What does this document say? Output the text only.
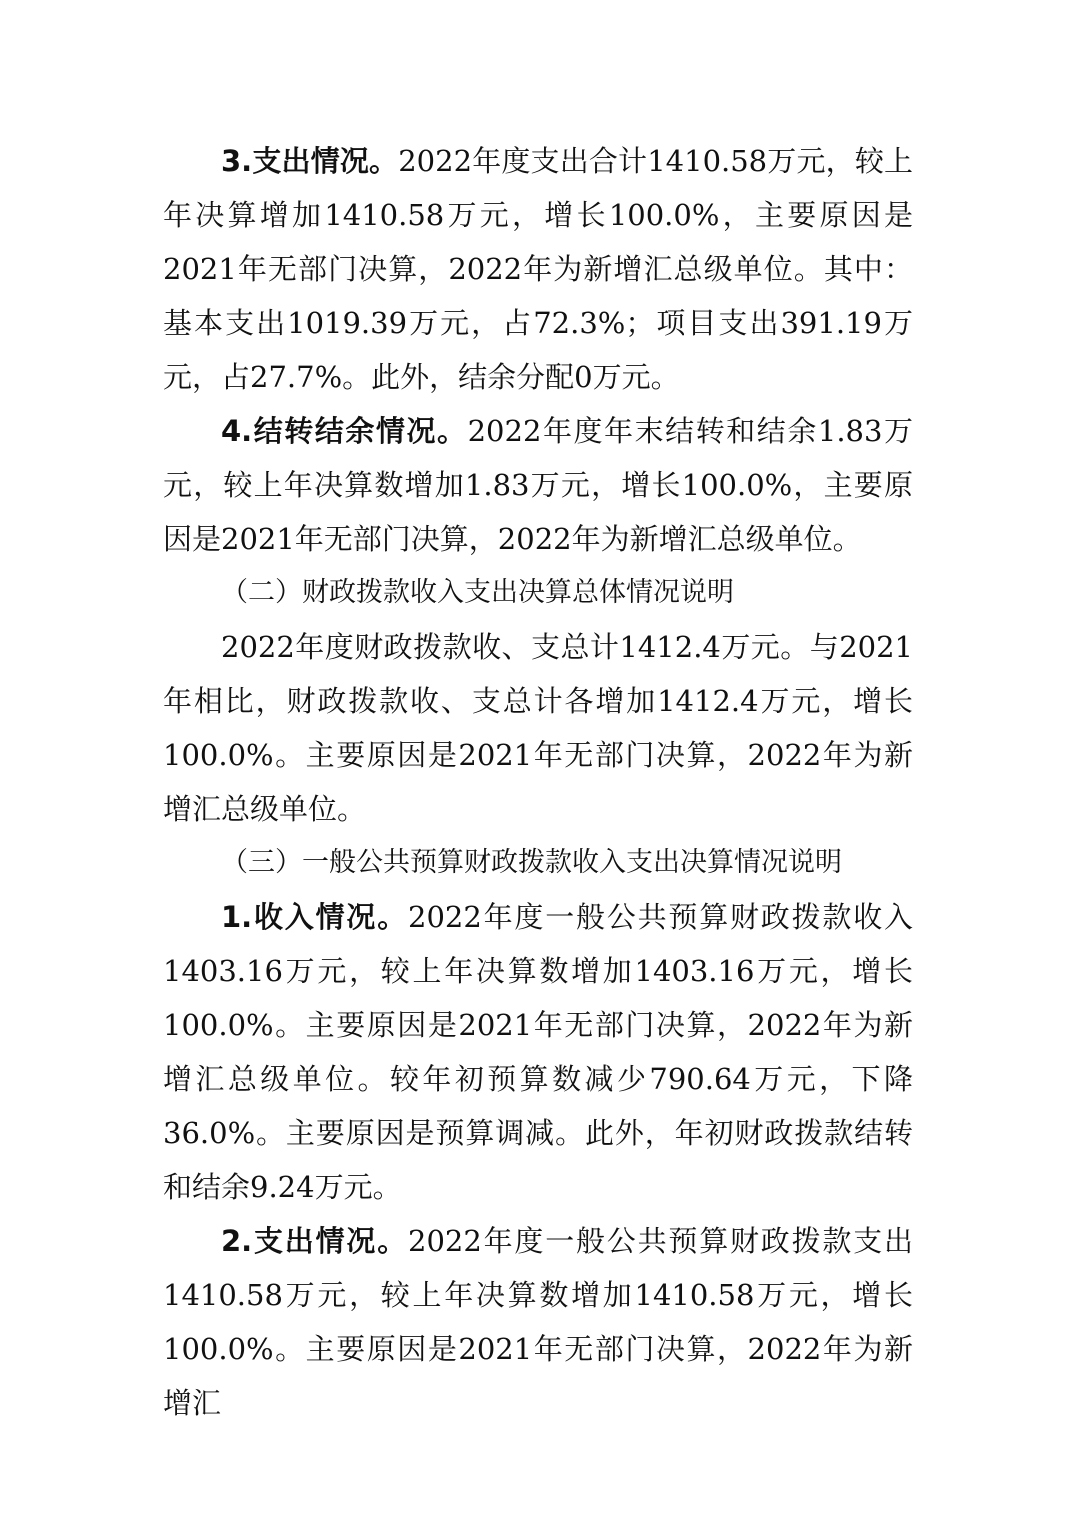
3.支出情况。2022年度支出合计1410.58万元，较上年决算增加1410.58万元，增长100.0%，主要原因是2021年无部门决算，2022年为新增汇总级单位。其中：基本支出1019.39万元，占72.3%；项目支出391.19万元，占27.7%。此外，结余分配0万元。

4.结转结余情况。2022年度年末结转和结余1.83万元，较上年决算数增加1.83万元，增长100.0%，主要原因是2021年无部门决算，2022年为新增汇总级单位。

（二）财政拨款收入支出决算总体情况说明

2022年度财政拨款收、支总计1412.4万元。与2021年相比，财政拨款收、支总计各增加1412.4万元，增长100.0%。主要原因是2021年无部门决算，2022年为新增汇总级单位。

（三）一般公共预算财政拨款收入支出决算情况说明

1.收入情况。2022年度一般公共预算财政拨款收入1403.16万元，较上年决算数增加1403.16万元，增长100.0%。主要原因是2021年无部门决算，2022年为新增汇总级单位。较年初预算数减少790.64万元，下降36.0%。主要原因是预算调减。此外，年初财政拨款结转和结余9.24万元。

2.支出情况。2022年度一般公共预算财政拨款支出1410.58万元，较上年决算数增加1410.58万元，增长100.0%。主要原因是2021年无部门决算，2022年为新增汇
